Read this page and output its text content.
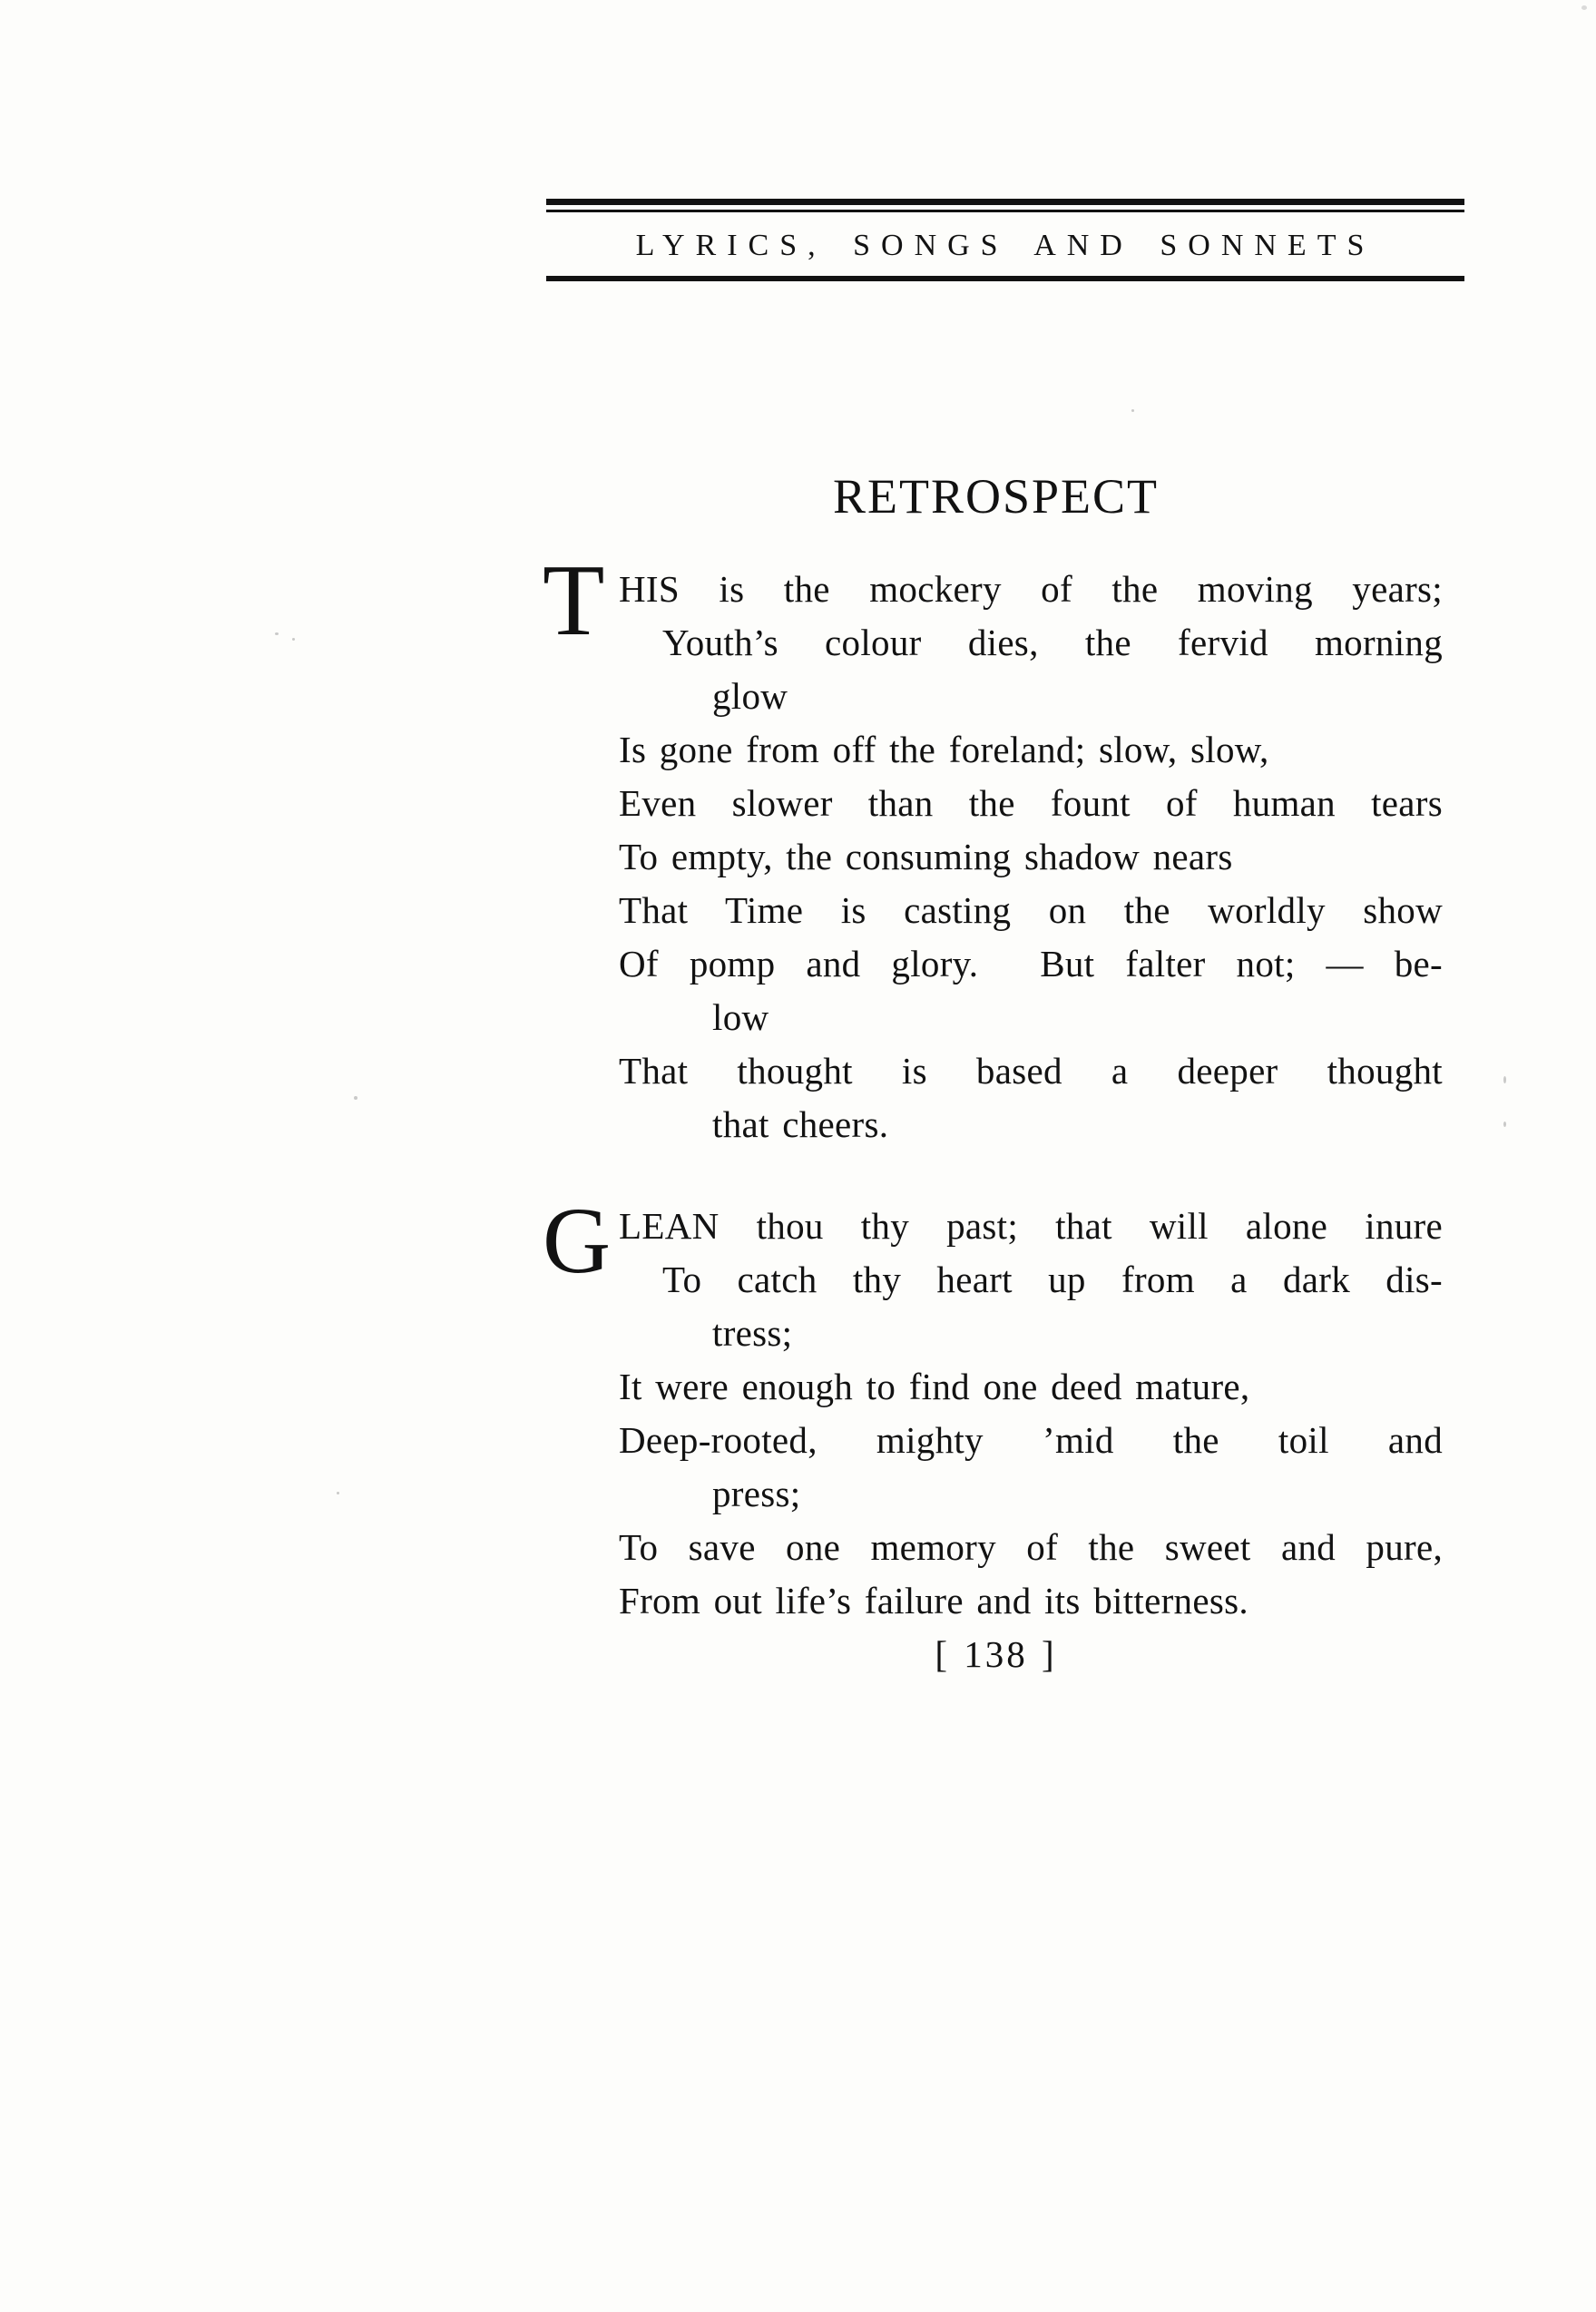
LYRICS, SONGS AND SONNETS
RETROSPECT
T HIS is the mockery of the moving years;
Youth’s colour dies, the fervid morning
glow
Is gone from off the foreland; slow, slow,
Even slower than the fount of human tears
To empty, the consuming shadow nears
That Time is casting on the worldly show
Of pomp and glory.  But falter not; — be-
low
That thought is based a deeper thought
that cheers.
G LEAN thou thy past; that will alone inure
To catch thy heart up from a dark dis-
tress;
It were enough to find one deed mature,
Deep-rooted, mighty ’mid the toil and
press;
To save one memory of the sweet and pure,
From out life’s failure and its bitterness.
[ 138 ]
